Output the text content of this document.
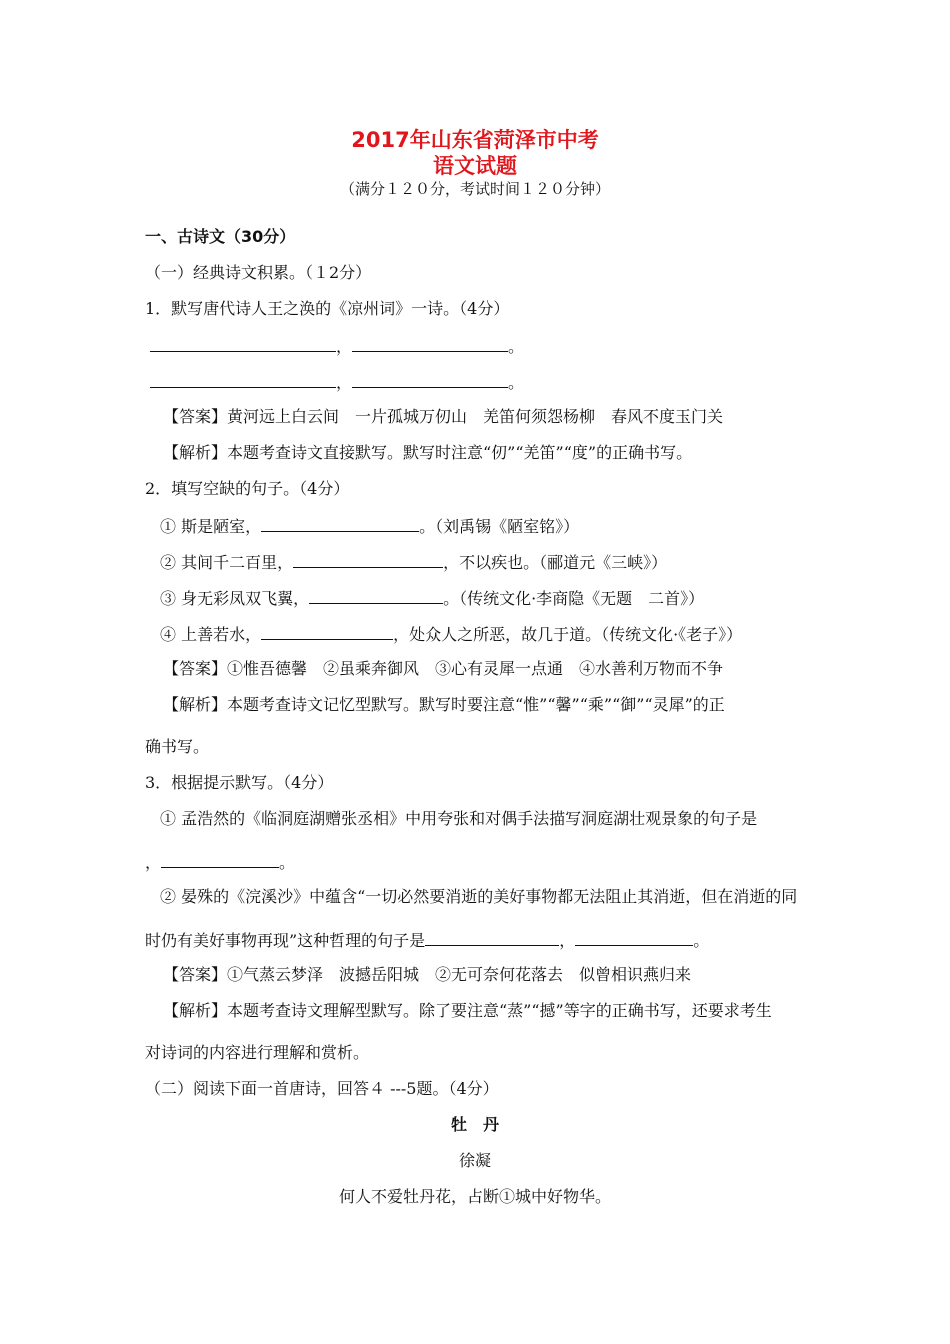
2017年山东省菏泽市中考
语文试题
（满分１２０分，考试时间１２０分钟）
一、古诗文（30分）
（一）经典诗文积累。（１2分）
1．默写唐代诗人王之涣的《凉州词》一诗。（4分）
，	。
，	。
【答案】黄河远上白云间　一片孤城万仞山　羌笛何须怨杨柳　春风不度玉门关
【解析】本题考查诗文直接默写。默写时注意“仞”“羌笛”“度”的正确书写。
2．填写空缺的句子。（4分）
① 斯是陋室，	。（刘禹锡《陋室铭》）
② 其间千二百里，	，不以疾也。（郦道元《三峡》）
③ 身无彩凤双飞翼，	。（传统文化·李商隐《无题　二首》）
④ 上善若水，	，处众人之所恶，故几于道。（传统文化·《老子》）
【答案】①惟吾德馨　②虽乘奔御风　③心有灵犀一点通　④水善利万物而不争
【解析】本题考查诗文记忆型默写。默写时要注意“惟”“馨”“乘”“御”“灵犀”的正
确书写。
3．根据提示默写。（4分）
① 孟浩然的《临洞庭湖赠张丞相》中用夸张和对偶手法描写洞庭湖壮观景象的句子是
，	。
② 晏殊的《浣溪沙》中蕴含“一切必然要消逝的美好事物都无法阻止其消逝，但在消逝的同
时仍有美好事物再现”这种哲理的句子是	，	。
【答案】①气蒸云梦泽　波撼岳阳城　②无可奈何花落去　似曾相识燕归来
【解析】本题考查诗文理解型默写。除了要注意“蒸”“撼”等字的正确书写，还要求考生
对诗词的内容进行理解和赏析。
（二）阅读下面一首唐诗，回答４ ---5题。（4分）
牡　丹
徐凝
何人不爱牡丹花，占断①城中好物华。
